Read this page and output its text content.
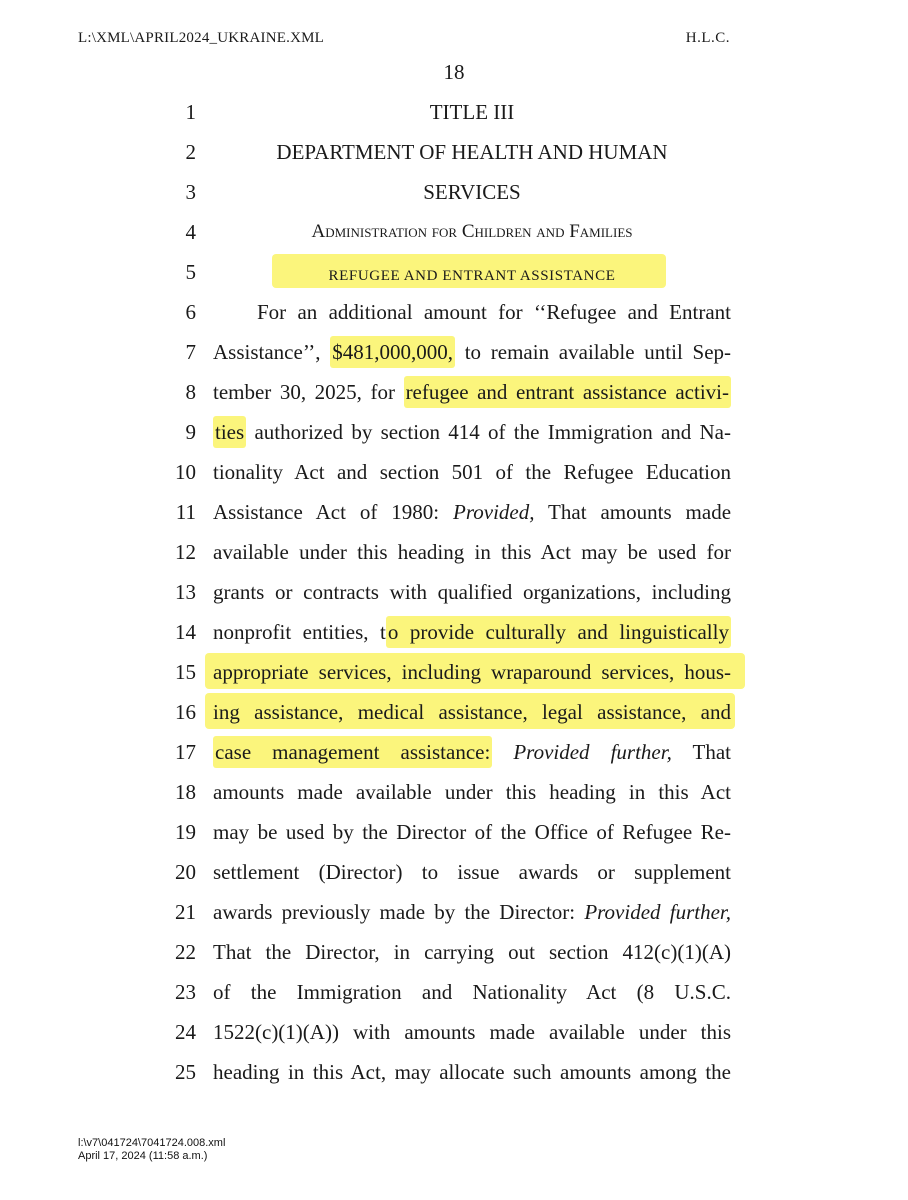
L:\XML\APRIL2024_UKRAINE.XML	H.L.C.
18
1	TITLE III
2	DEPARTMENT OF HEALTH AND HUMAN
3	SERVICES
4	Administration for Children and Families
5	REFUGEE AND ENTRANT ASSISTANCE
6	For an additional amount for ‘‘Refugee and Entrant
7 Assistance’’, $481,000,000, to remain available until Sep-
8 tember 30, 2025, for refugee and entrant assistance activi-
9 ties authorized by section 414 of the Immigration and Na-
10 tionality Act and section 501 of the Refugee Education
11 Assistance Act of 1980: Provided, That amounts made
12 available under this heading in this Act may be used for
13 grants or contracts with qualified organizations, including
14 nonprofit entities, to provide culturally and linguistically
15 appropriate services, including wraparound services, hous-
16 ing assistance, medical assistance, legal assistance, and
17 case management assistance: Provided further, That
18 amounts made available under this heading in this Act
19 may be used by the Director of the Office of Refugee Re-
20 settlement (Director) to issue awards or supplement
21 awards previously made by the Director: Provided further,
22 That the Director, in carrying out section 412(c)(1)(A)
23 of the Immigration and Nationality Act (8 U.S.C.
24 1522(c)(1)(A)) with amounts made available under this
25 heading in this Act, may allocate such amounts among the
l:\v7\041724\7041724.008.xml
April 17, 2024 (11:58 a.m.)
